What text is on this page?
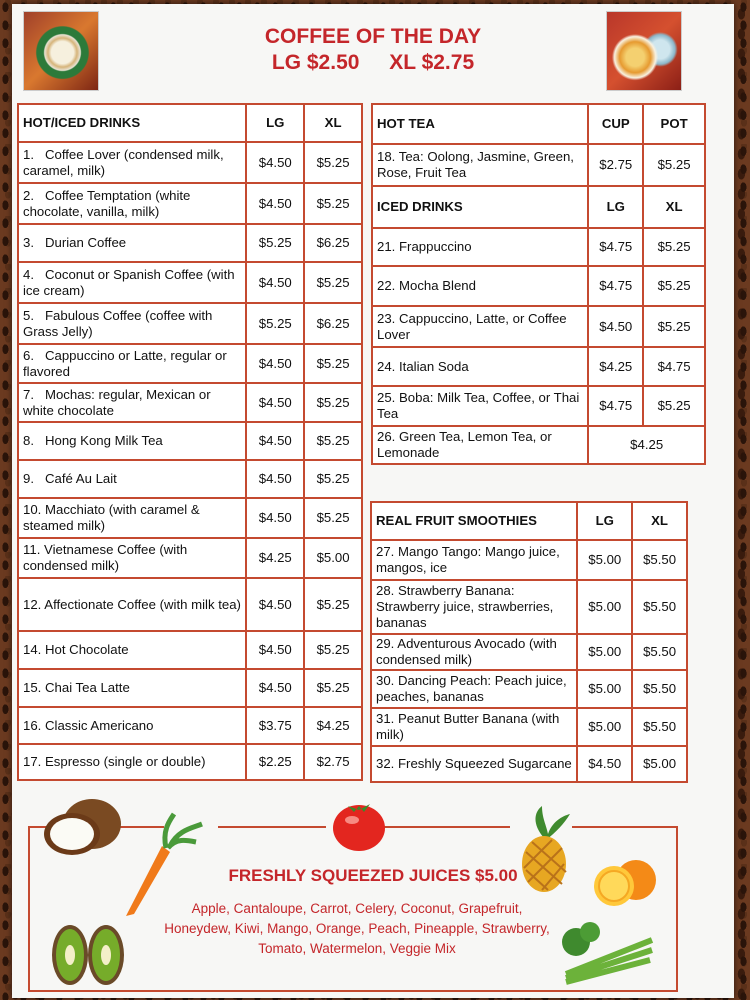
COFFEE OF THE DAY
LG $2.50 XL $2.75
HOT/ICED DRINKS	LG	XL
1.   Coffee Lover (condensed milk, caramel, milk)	$4.50	$5.25
2.   Coffee Temptation (white chocolate, vanilla, milk)	$4.50	$5.25
3.   Durian Coffee	$5.25	$6.25
4.   Coconut or Spanish Coffee (with ice cream)	$4.50	$5.25
5.   Fabulous Coffee (coffee with Grass Jelly)	$5.25	$6.25
6.   Cappuccino or Latte, regular or flavored	$4.50	$5.25
7.   Mochas: regular, Mexican or white chocolate	$4.50	$5.25
8.   Hong Kong Milk Tea	$4.50	$5.25
9.   Café Au Lait	$4.50	$5.25
10. Macchiato (with caramel & steamed milk)	$4.50	$5.25
11. Vietnamese Coffee (with condensed milk)	$4.25	$5.00
12. Affectionate Coffee (with milk tea)	$4.50	$5.25
14. Hot Chocolate	$4.50	$5.25
15. Chai Tea Latte	$4.50	$5.25
16. Classic Americano	$3.75	$4.25
17. Espresso (single or double)	$2.25	$2.75
HOT TEA	CUP	POT
18. Tea: Oolong, Jasmine, Green, Rose, Fruit Tea	$2.75	$5.25
ICED DRINKS	LG	XL
21. Frappuccino	$4.75	$5.25
22. Mocha Blend	$4.75	$5.25
23. Cappuccino, Latte, or Coffee Lover	$4.50	$5.25
24. Italian Soda	$4.25	$4.75
25. Boba: Milk Tea, Coffee, or Thai Tea	$4.75	$5.25
26. Green Tea, Lemon Tea, or Lemonade	$4.25	
REAL FRUIT SMOOTHIES	LG	XL
27. Mango Tango: Mango juice, mangos, ice	$5.00	$5.50
28. Strawberry Banana: Strawberry juice, strawberries, bananas	$5.00	$5.50
29. Adventurous Avocado (with condensed milk)	$5.00	$5.50
30. Dancing Peach: Peach juice, peaches, bananas	$5.00	$5.50
31. Peanut Butter Banana (with milk)	$5.00	$5.50
32. Freshly Squeezed Sugarcane	$4.50	$5.00
FRESHLY SQUEEZED JUICES $5.00
Apple, Cantaloupe, Carrot, Celery, Coconut, Grapefruit, Honeydew, Kiwi, Mango, Orange, Peach, Pineapple, Strawberry, Tomato, Watermelon, Veggie Mix
